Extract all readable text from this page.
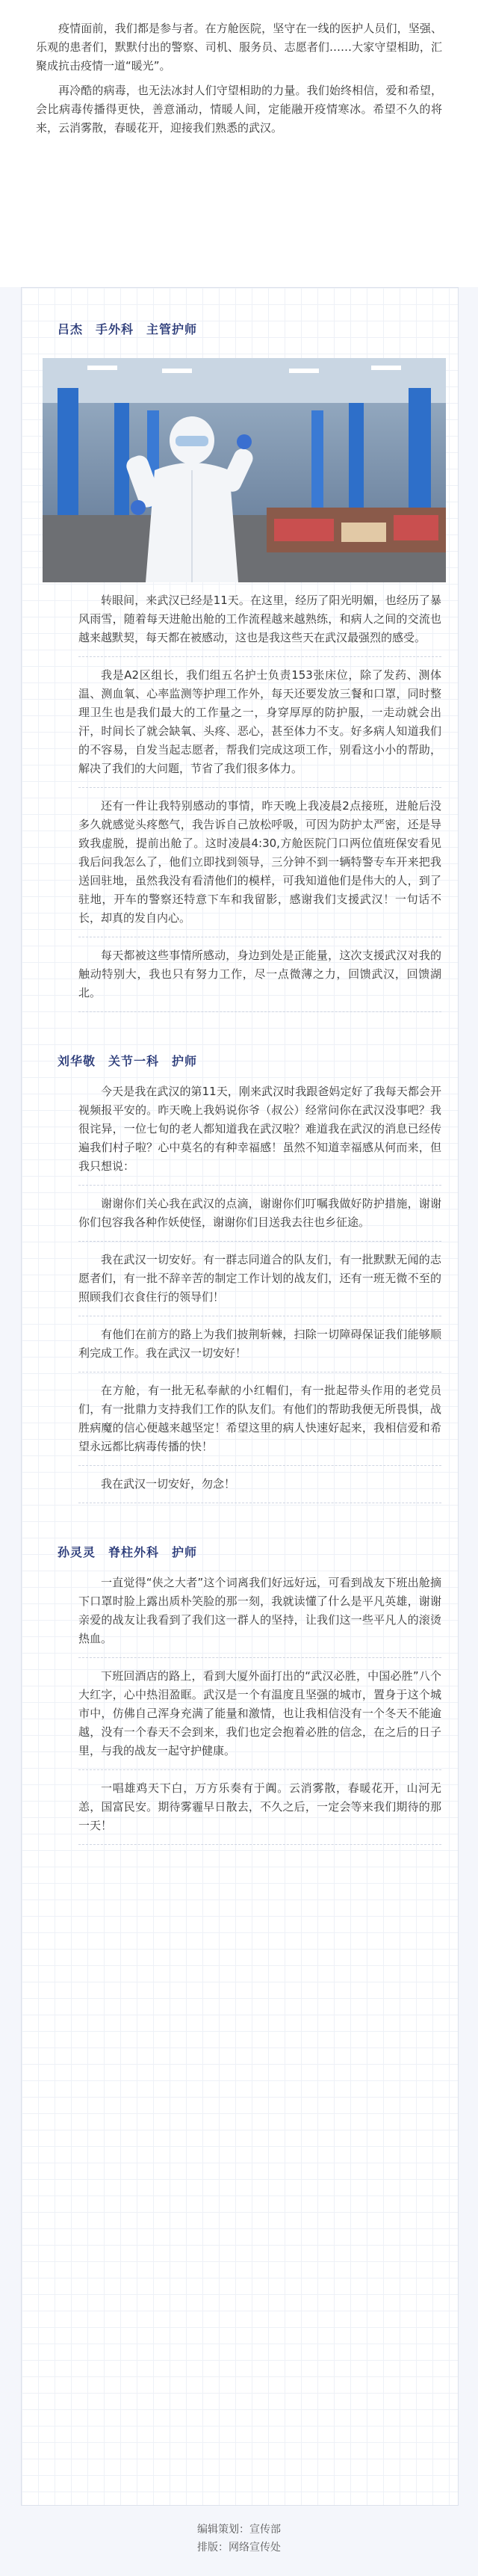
疫情面前，我们都是参与者。在方舱医院，坚守在一线的医护人员们，坚强、乐观的患者们，默默付出的警察、司机、服务员、志愿者们……大家守望相助，汇聚成抗击疫情一道“暖光”。

再冷酷的病毒，也无法冰封人们守望相助的力量。我们始终相信，爱和希望，会比病毒传播得更快，善意涌动，情暖人间，定能融开疫情寒冰。希望不久的将来，云消雾散，春暖花开，迎接我们熟悉的武汉。

吕杰　手外科　主管护师
转眼间，来武汉已经是11天。在这里，经历了阳光明媚，也经历了暴风雨雪，随着每天进舱出舱的工作流程越来越熟练，和病人之间的交流也越来越默契，每天都在被感动，这也是我这些天在武汉最强烈的感受。
我是A2区组长，我们组五名护士负责153张床位，除了发药、测体温、测血氧、心率监测等护理工作外，每天还要发放三餐和口罩，同时整理卫生也是我们最大的工作量之一，身穿厚厚的防护服，一走动就会出汗，时间长了就会缺氧、头疼、恶心，甚至体力不支。好多病人知道我们的不容易，自发当起志愿者，帮我们完成这项工作，别看这小小的帮助，解决了我们的大问题，节省了我们很多体力。
还有一件让我特别感动的事情，昨天晚上我凌晨2点接班，进舱后没多久就感觉头疼憋气，我告诉自己放松呼吸，可因为防护太严密，还是导致我虚脱，提前出舱了。这时凌晨4:30,方舱医院门口两位值班保安看见我后问我怎么了，他们立即找到领导，三分钟不到一辆特警专车开来把我送回驻地，虽然我没有看清他们的模样，可我知道他们是伟大的人，到了驻地，开车的警察还特意下车和我留影，感谢我们支援武汉！一句话不长，却真的发自内心。
每天都被这些事情所感动，身边到处是正能量，这次支援武汉对我的触动特别大，我也只有努力工作，尽一点微薄之力，回馈武汉，回馈湖北。
刘华敬　关节一科　护师
今天是我在武汉的第11天，刚来武汉时我跟爸妈定好了我每天都会开视频报平安的。昨天晚上我妈说你爷（叔公）经常问你在武汉没事吧？我很诧异，一位七旬的老人都知道我在武汉啦？难道我在武汉的消息已经传遍我们村子啦？心中莫名的有种幸福感！虽然不知道幸福感从何而来，但我只想说：
谢谢你们关心我在武汉的点滴，谢谢你们叮嘱我做好防护措施，谢谢你们包容我各种作妖使怪，谢谢你们目送我去往也乡征途。
我在武汉一切安好。有一群志同道合的队友们，有一批默默无闻的志愿者们，有一批不辞辛苦的制定工作计划的战友们，还有一班无微不至的照顾我们衣食住行的领导们！
有他们在前方的路上为我们披荆斩棘，扫除一切障碍保证我们能够顺利完成工作。我在武汉一切安好！
在方舱，有一批无私奉献的小红帽们，有一批起带头作用的老党员们，有一批鼎力支持我们工作的队友们。有他们的帮助我便无所畏惧，战胜病魔的信心便越来越坚定！希望这里的病人快速好起来，我相信爱和希望永远都比病毒传播的快！
我在武汉一切安好，勿念！
孙灵灵　脊柱外科　护师
一直觉得“侠之大者”这个词离我们好远好远，可看到战友下班出舱摘下口罩时脸上露出质朴笑脸的那一刻，我就读懂了什么是平凡英雄，谢谢亲爱的战友让我看到了我们这一群人的坚持，让我们这一些平凡人的滚烫热血。
下班回酒店的路上，看到大厦外面打出的“武汉必胜，中国必胜”八个大红字，心中热泪盈眶。武汉是一个有温度且坚强的城市，置身于这个城市中，仿佛自己浑身充满了能量和激情，也让我相信没有一个冬天不能逾越，没有一个春天不会到来，我们也定会抱着必胜的信念，在之后的日子里，与我的战友一起守护健康。
一唱雄鸡天下白，万方乐奏有于阗。云消雾散，春暖花开，山河无恙，国富民安。期待雾霾早日散去，不久之后，一定会等来我们期待的那一天！
编辑策划：宣传部
排版：网络宣传处
